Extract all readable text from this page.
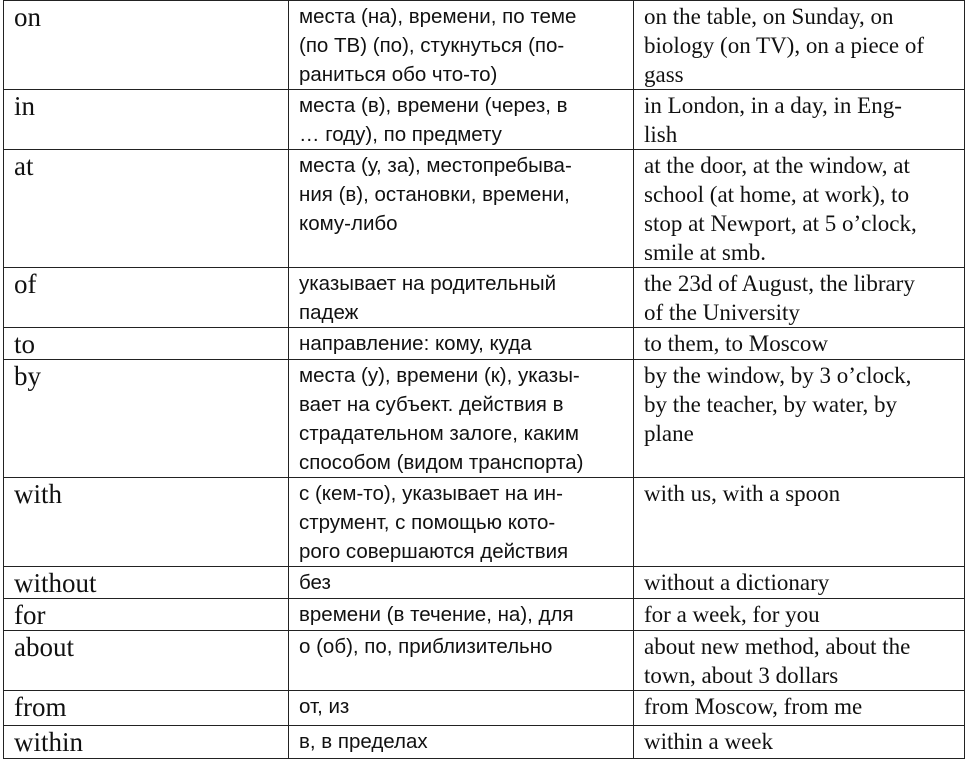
on	места (на), времени, по теме
(по ТВ) (по), стукнуться (по-
раниться обо что-то)	on the table, on Sunday, on
biology (on TV), on a piece of
gass

in	места (в), времени (через, в
… году), по предмету	in London, in a day, in Eng-
lish

at	места (у, за), местопребыва-
ния (в), остановки, времени,
кому-либо	at the door, at the window, at
school (at home, at work), to
stop at Newport, at 5 o’clock,
smile at smb.

of	указывает на родительный
падеж	the 23d of August, the library
of the University

to	направление: кому, куда	to them, to Moscow

by	места (у), времени (к), указы-
вает на субъект. действия в
страдательном залоге, каким
способом (видом транспорта)	by the window, by 3 o’clock,
by the teacher, by water, by
plane

with	с (кем-то), указывает на ин-
струмент, с помощью кото-
рого совершаются действия	with us, with a spoon

without	без	without a dictionary

for	времени (в течение, на), для	for a week, for you

about	о (об), по, приблизительно	about new method, about the
town, about 3 dollars

from	от, из	from Moscow, from me

within	в, в пределах	within a week
